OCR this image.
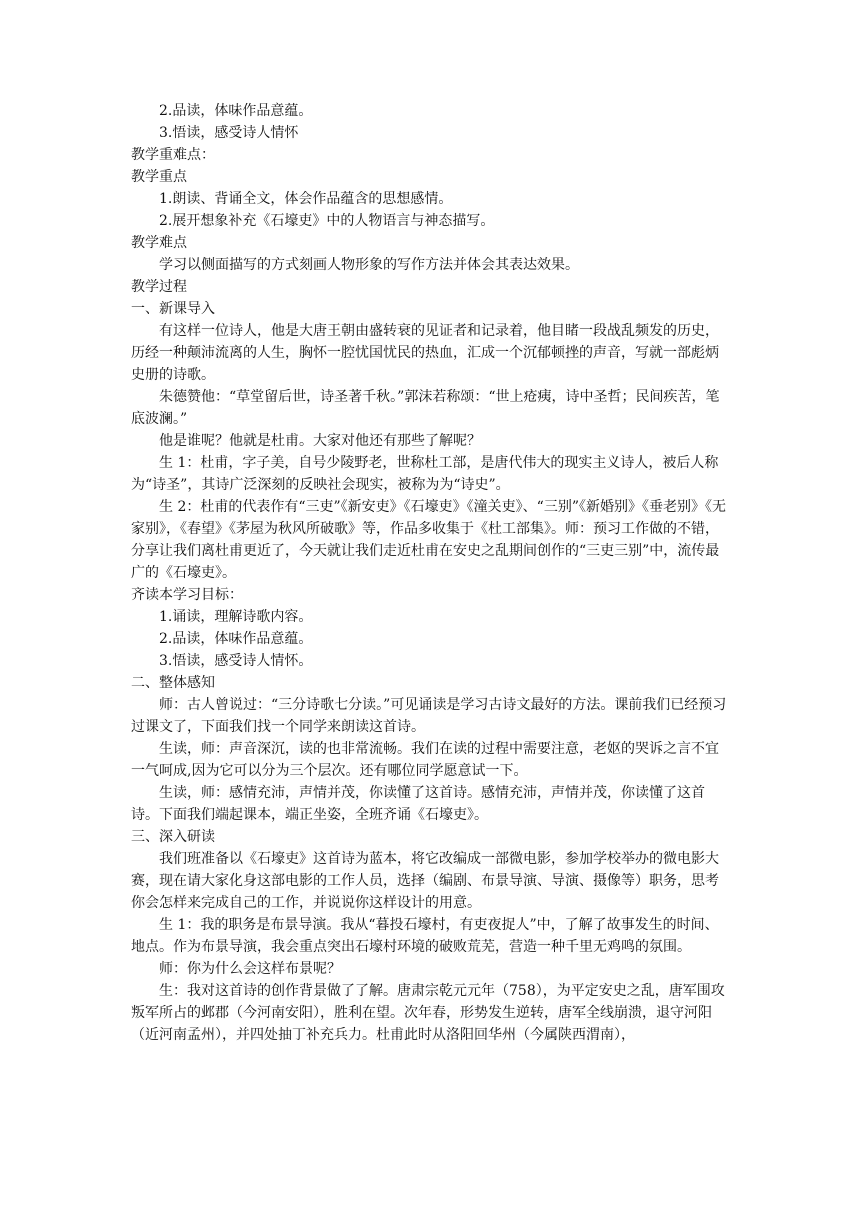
2.品读，体味作品意蕴。

3.悟读，感受诗人情怀

教学重难点：

教学重点

1.朗读、背诵全文，体会作品蕴含的思想感情。

2.展开想象补充《石壕吏》中的人物语言与神态描写。

教学难点

学习以侧面描写的方式刻画人物形象的写作方法并体会其表达效果。

教学过程

一、新课导入

有这样一位诗人，他是大唐王朝由盛转衰的见证者和记录着，他目睹一段战乱频发的历史，历经一种颠沛流离的人生，胸怀一腔忧国忧民的热血，汇成一个沉郁顿挫的声音，写就一部彪炳史册的诗歌。

朱德赞他：“草堂留后世，诗圣著千秋。”郭沫若称颂：“世上疮痍，诗中圣哲；民间疾苦，笔底波澜。”

他是谁呢？他就是杜甫。大家对他还有那些了解呢？

生 1：杜甫，字子美，自号少陵野老，世称杜工部，是唐代伟大的现实主义诗人，被后人称为“诗圣”，其诗广泛深刻的反映社会现实，被称为为“诗史”。

生 2：杜甫的代表作有“三吏”《新安吏》《石壕吏》《潼关吏》、“三别”《新婚别》《垂老别》《无家别》，《春望》《茅屋为秋风所破歌》等，作品多收集于《杜工部集》。师：预习工作做的不错，分享让我们离杜甫更近了，今天就让我们走近杜甫在安史之乱期间创作的“三吏三别”中，流传最广的《石壕吏》。

齐读本学习目标：

1.诵读，理解诗歌内容。

2.品读，体味作品意蕴。

3.悟读，感受诗人情怀。

二、整体感知

师：古人曾说过：“三分诗歌七分读。”可见诵读是学习古诗文最好的方法。课前我们已经预习过课文了，下面我们找一个同学来朗读这首诗。

生读，师：声音深沉，读的也非常流畅。我们在读的过程中需要注意，老妪的哭诉之言不宜一气呵成,因为它可以分为三个层次。还有哪位同学愿意试一下。

生读，师：感情充沛，声情并茂，你读懂了这首诗。感情充沛，声情并茂，你读懂了这首诗。下面我们端起课本，端正坐姿，全班齐诵《石壕吏》。

三、深入研读

我们班准备以《石壕吏》这首诗为蓝本，将它改编成一部微电影，参加学校举办的微电影大赛，现在请大家化身这部电影的工作人员，选择（编剧、布景导演、导演、摄像等）职务，思考你会怎样来完成自己的工作，并说说你这样设计的用意。

生 1：我的职务是布景导演。我从“暮投石壕村，有吏夜捉人”中，了解了故事发生的时间、地点。作为布景导演，我会重点突出石壕村环境的破败荒芜，营造一种千里无鸡鸣的氛围。

师：你为什么会这样布景呢？

生：我对这首诗的创作背景做了了解。唐肃宗乾元元年（758），为平定安史之乱，唐军围攻叛军所占的邺郡（今河南安阳），胜利在望。次年春，形势发生逆转，唐军全线崩溃，退守河阳（近河南孟州），并四处抽丁补充兵力。杜甫此时从洛阳回华州（今属陕西渭南），
